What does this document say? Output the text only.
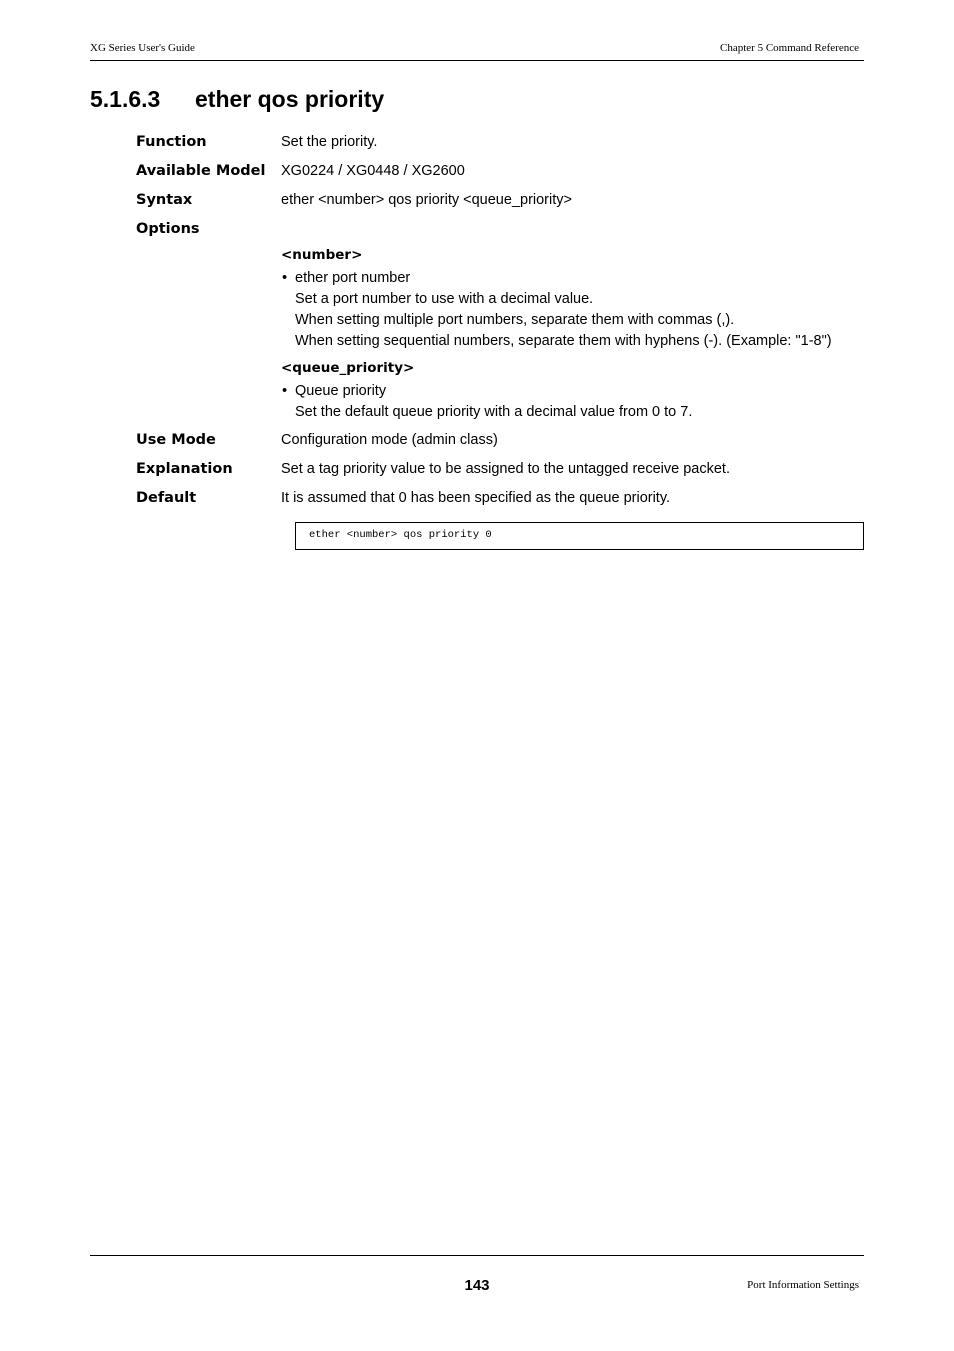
XG Series User's Guide	Chapter 5 Command Reference
5.1.6.3 ether qos priority
Function	Set the priority.
Available Model XG0224 / XG0448 / XG2600
Syntax	ether <number> qos priority <queue_priority>
Options
<number>
• ether port number
Set a port number to use with a decimal value.
When setting multiple port numbers, separate them with commas (,).
When setting sequential numbers, separate them with hyphens (-). (Example: "1-8")
<queue_priority>
• Queue priority
Set the default queue priority with a decimal value from 0 to 7.
Use Mode	Configuration mode (admin class)
Explanation	Set a tag priority value to be assigned to the untagged receive packet.
Default	It is assumed that 0 has been specified as the queue priority.
ether <number> qos priority 0
143	Port Information Settings
